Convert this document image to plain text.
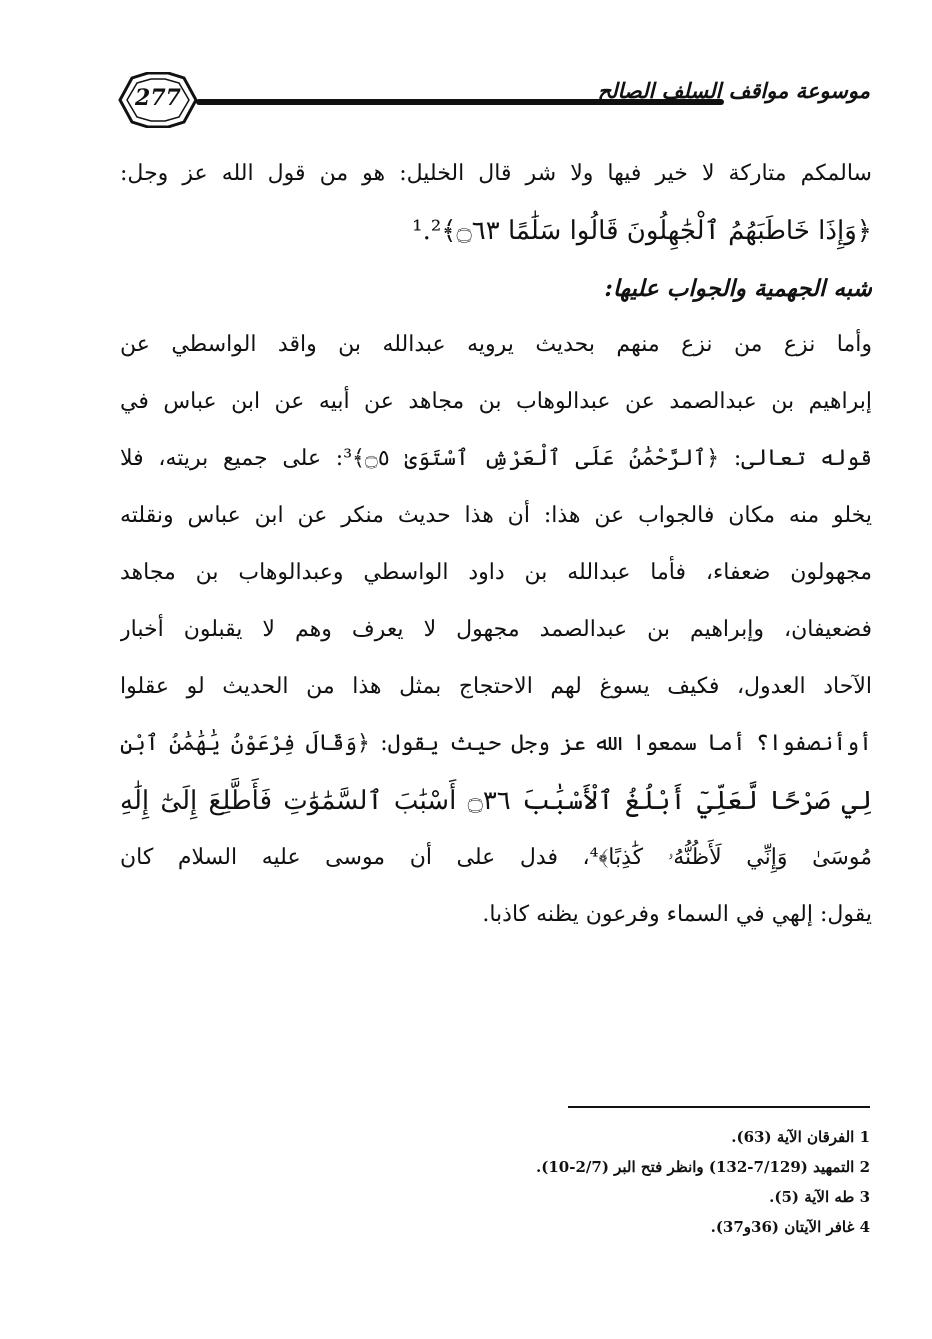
277	موسوعة مواقف السلف الصالح
سالمكم متاركة لا خير فيها ولا شر قال الخليل: هو من قول الله عز وجل:
﴿وَإِذَا خَاطَبَهُمُ ٱلْجَٰهِلُونَ قَالُوا سَلَٰمًا ۝٦٣﴾¹.²
شبه الجهمية والجواب عليها:
وأما نزع من نزع منهم بحديث يرويه عبدالله بن واقد الواسطي عن
إبراهيم بن عبدالصمد عن عبدالوهاب بن مجاهد عن أبيه عن ابن عباس في
قوله تعالى: ﴿ٱلرَّحْمَٰنُ عَلَى ٱلْعَرْشِ ٱسْتَوَىٰ ۝٥﴾³: على جميع بريته، فلا
يخلو منه مكان فالجواب عن هذا: أن هذا حديث منكر عن ابن عباس ونقلته
مجهولون ضعفاء، فأما عبدالله بن داود الواسطي وعبدالوهاب بن مجاهد
فضعيفان، وإبراهيم بن عبدالصمد مجهول لا يعرف وهم لا يقبلون أخبار
الآحاد العدول، فكيف يسوغ لهم الاحتجاج بمثل هذا من الحديث لو عقلوا
أوأنصفوا؟ أما سمعوا الله عز وجل حيث يقول: ﴿وَقَالَ فِرْعَوْنُ يَٰهَٰمَٰنُ ٱبْنِ
لِي صَرْحًا لَّعَلِّيٓ أَبْلُغُ ٱلْأَسْبَٰبَ ۝٣٦ أَسْبَٰبَ ٱلسَّمَٰوَٰتِ فَأَطَّلِعَ إِلَىٰٓ إِلَٰهِ
مُوسَىٰ وَإِنِّي لَأَظُنُّهُۥ كَٰذِبًا﴾⁴، فدل على أن موسى عليه السلام كان
يقول: إلهي في السماء وفرعون يظنه كاذبا.
1 الفرقان الآية (63).
2 التمهيد (7/129-132) وانظر فتح البر (2/7-10).
3 طه الآية (5).
4 غافر الآيتان (36و37).
